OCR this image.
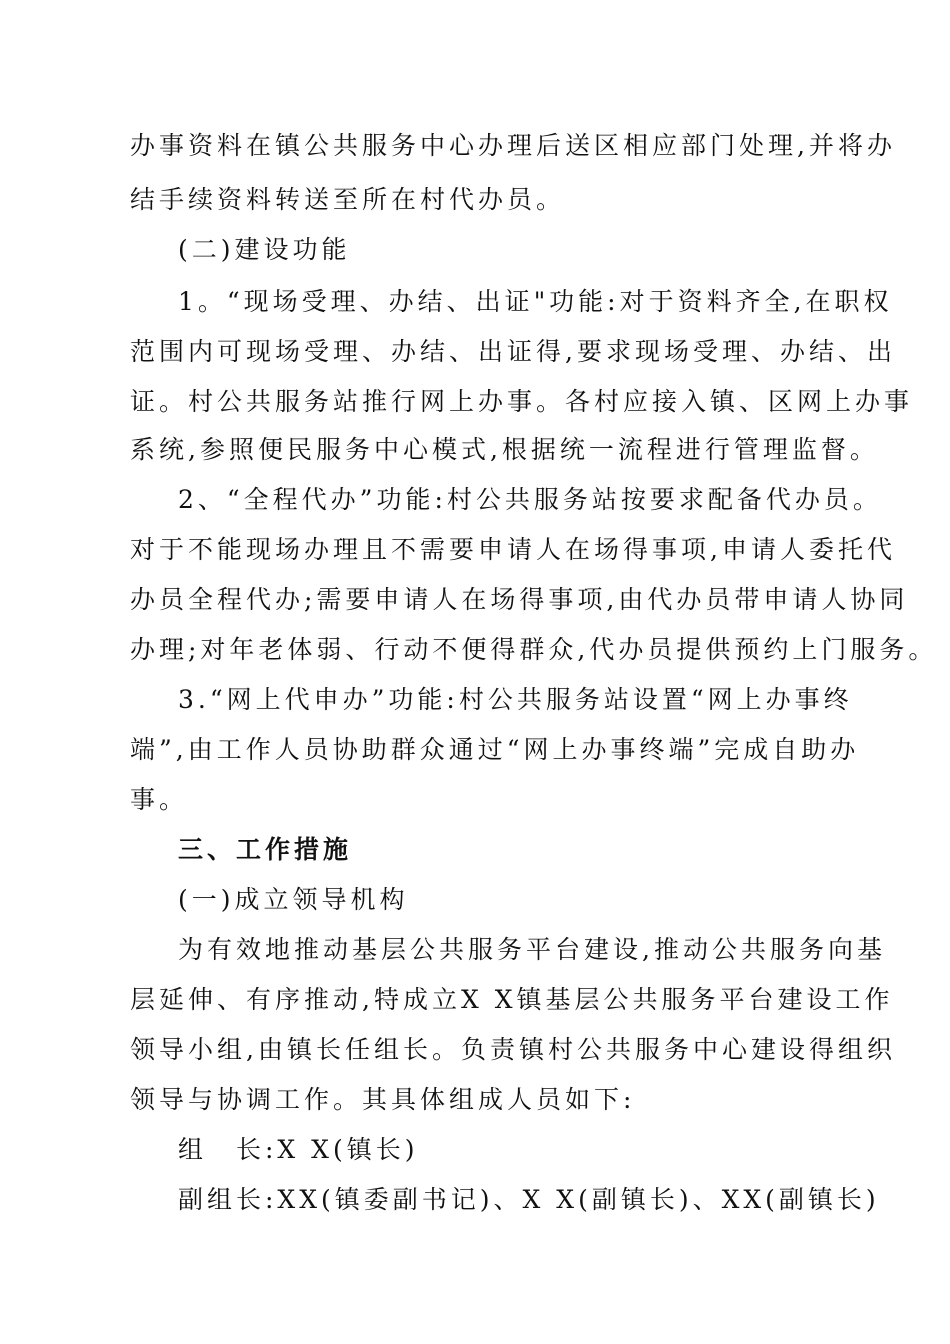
办事资料在镇公共服务中心办理后送区相应部门处理,并将办
结手续资料转送至所在村代办员。
(二)建设功能
1。“现场受理、办结、出证"功能:对于资料齐全,在职权
范围内可现场受理、办结、出证得,要求现场受理、办结、出
证。村公共服务站推行网上办事。各村应接入镇、区网上办事
系统,参照便民服务中心模式,根据统一流程进行管理监督。
2、“全程代办”功能:村公共服务站按要求配备代办员。
对于不能现场办理且不需要申请人在场得事项,申请人委托代
办员全程代办;需要申请人在场得事项,由代办员带申请人协同
办理;对年老体弱、行动不便得群众,代办员提供预约上门服务。
3.“网上代申办”功能:村公共服务站设置“网上办事终
端”,由工作人员协助群众通过“网上办事终端”完成自助办
事。
三、工作措施
(一)成立领导机构
为有效地推动基层公共服务平台建设,推动公共服务向基
层延伸、有序推动,特成立X X镇基层公共服务平台建设工作
领导小组,由镇长任组长。负责镇村公共服务中心建设得组织
领导与协调工作。其具体组成人员如下:
组　长:X X(镇长)
副组长:XX(镇委副书记)、X X(副镇长)、XX(副镇长)
